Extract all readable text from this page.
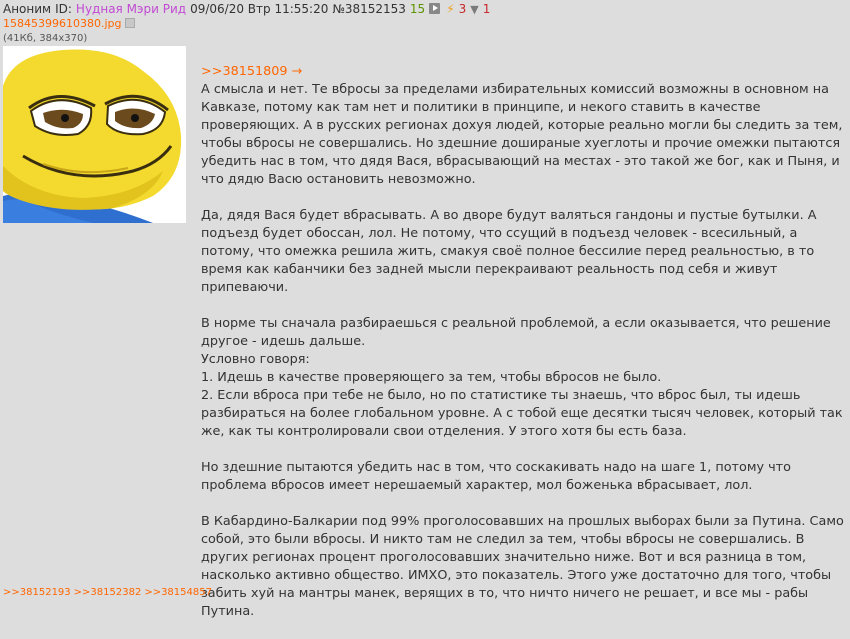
Аноним ID: Нудная Мэри Рид 09/06/20 Втр 11:55:20 №38152153 15 ⚡ 3 ▼ 1
15845399610380.jpg
(41Кб, 384x370)

>>38151809 →

А смысла и нет. Те вбросы за пределами избирательных комиссий возможны в основном на Кавказе, потому как там нет и политики в принципе, и некого ставить в качестве проверяющих. А в русских регионах дохуя людей, которые реально могли бы следить за тем, чтобы вбросы не совершались. Но здешние дошираные хуеглоты и прочие омежки пытаются убедить нас в том, что дядя Вася, вбрасывающий на местах - это такой же бог, как и Пыня, и что дядю Васю остановить невозможно.

Да, дядя Вася будет вбрасывать. А во дворе будут валяться гандоны и пустые бутылки. А подъезд будет обоссан, лол. Не потому, что ссущий в подъезд человек - всесильный, а потому, что омежка решила жить, смакуя своё полное бессилие перед реальностью, в то время как кабанчики без задней мысли перекраивают реальность под себя и живут припеваючи.

В норме ты сначала разбираешься с реальной проблемой, а если оказывается, что решение другое - идешь дальше.
Условно говоря:
1. Идешь в качестве проверяющего за тем, чтобы вбросов не было.
2. Если вброса при тебе не было, но по статистике ты знаешь, что вброс был, ты идешь разбираться на более глобальном уровне. А с тобой еще десятки тысяч человек, который так же, как ты контролировали свои отделения. У этого хотя бы есть база.

Но здешние пытаются убедить нас в том, что соскакивать надо на шаге 1, потому что проблема вбросов имеет нерешаемый характер, мол боженька вбрасывает, лол.

В Кабардино-Балкарии под 99% проголосовавших на прошлых выборах были за Путина. Само собой, это были вбросы. И никто там не следил за тем, чтобы вбросы не совершались. В других регионах процент проголосовавших значительно ниже. Вот и вся разница в том, насколько активно общество. ИМХО, это показатель. Этого уже достаточно для того, чтобы забить хуй на мантры манек, верящих в то, что ничто ничего не решает, и все мы - рабы Путина.

>>38152193 >>38152382 >>38154857
